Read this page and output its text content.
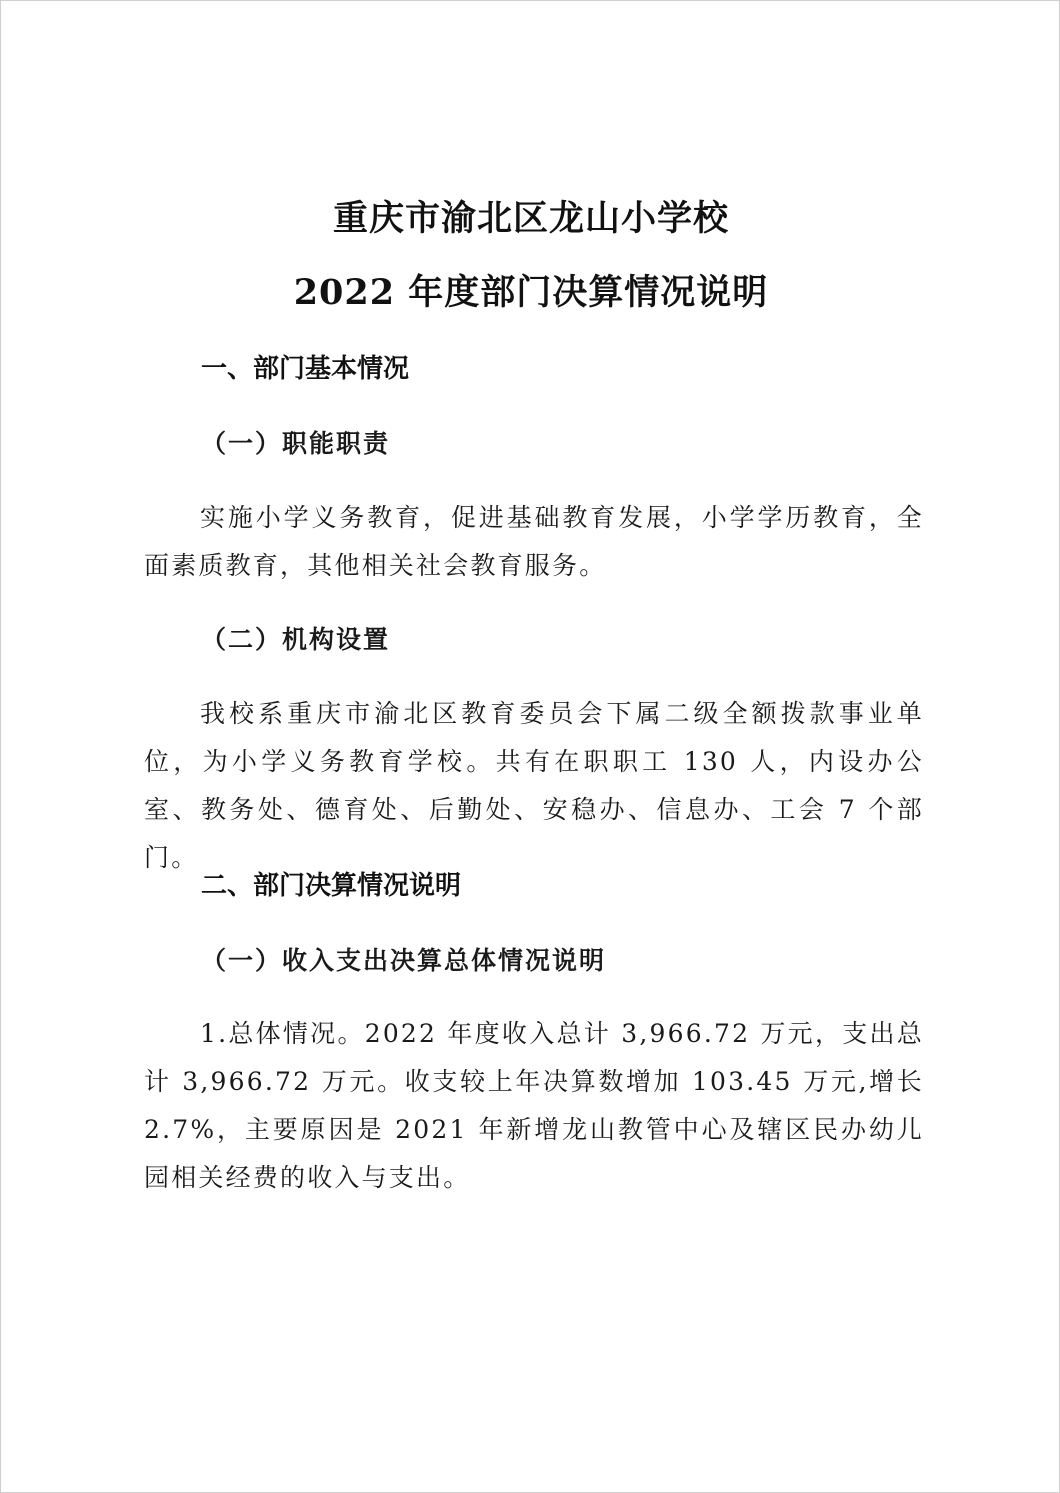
重庆市渝北区龙山小学校
2022 年度部门决算情况说明
一、部门基本情况
（一）职能职责

实施小学义务教育，促进基础教育发展，小学学历教育，全面素质教育，其他相关社会教育服务。

（二）机构设置

我校系重庆市渝北区教育委员会下属二级全额拨款事业单位，为小学义务教育学校。共有在职职工 130 人，内设办公室、教务处、德育处、后勤处、安稳办、信息办、工会 7 个部门。

二、部门决算情况说明
（一）收入支出决算总体情况说明

1.总体情况。2022 年度收入总计 3,966.72 万元，支出总计 3,966.72 万元。收支较上年决算数增加 103.45 万元,增长 2.7%，主要原因是 2021 年新增龙山教管中心及辖区民办幼儿园相关经费的收入与支出。
